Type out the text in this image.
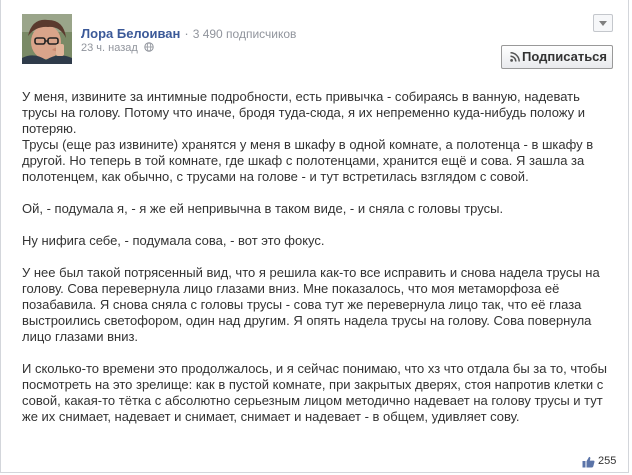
Лора Белоиван · 3 490 подписчиков
23 ч. назад
Подписаться

У меня, извините за интимные подробности, есть привычка - собираясь в ванную, надевать трусы на голову. Потому что иначе, бродя туда-сюда, я их непременно куда-нибудь положу и потеряю.

Трусы (еще раз извините) хранятся у меня в шкафу в одной комнате, а полотенца - в шкафу в другой. Но теперь в той комнате, где шкаф с полотенцами, хранится ещё и сова. Я зашла за полотенцем, как обычно, с трусами на голове - и тут встретилась взглядом с совой.

Ой, - подумала я, - я же ей непривычна в таком виде, - и сняла с головы трусы.

Ну нифига себе, - подумала сова, - вот это фокус.

У нее был такой потрясенный вид, что я решила как-то все исправить и снова надела трусы на голову. Сова перевернула лицо глазами вниз. Мне показалось, что моя метаморфоза её позабавила. Я снова сняла с головы трусы - сова тут же перевернула лицо так, что её глаза выстроились светофором, один над другим. Я опять надела трусы на голову. Сова повернула лицо глазами вниз.

И сколько-то времени это продолжалось, и я сейчас понимаю, что хз что отдала бы за то, чтобы посмотреть на это зрелище: как в пустой комнате, при закрытых дверях, стоя напротив клетки с совой, какая-то тётка с абсолютно серьезным лицом методично надевает на голову трусы и тут же их снимает, надевает и снимает, снимает и надевает - в общем, удивляет сову.

255
